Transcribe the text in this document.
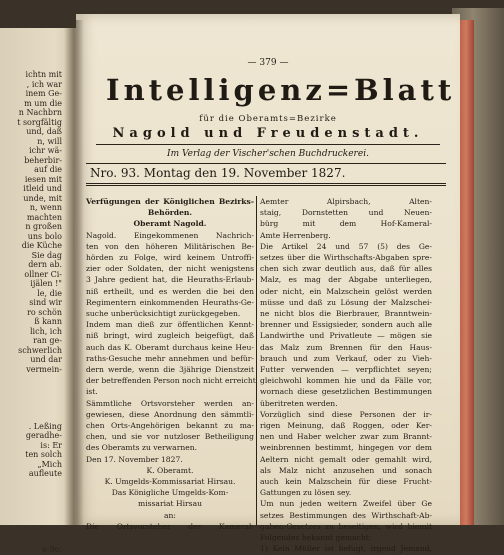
ichtn mit
, ich war
inem Ge-
m um die
n Nachbrn
t sorgfältig
und, daß
n, will
ichr wä-
beherbir-
auf die
iesen mit
itleid und
unde, mit
n, wenn
machten
n großen
uns bolo
die Küche
Sie dag
dern ab.
ollner Ci-
ijälen !"
le, die
sind wir
ro schön
ß kann
lich, ich
ran ge-
schwerlich
und dar
vermein-
. Leßing
geradhe-
is: Er
ten solch
„Mich
aufleute
e 9o.
— 379 —
Intelligenz=Blatt
für die Oberamts=Bezirke
Nagold und Freudenstadt.
Im Verlag der Vischer'schen Buchdruckerei.
Nro. 93. Montag den 19. November 1827.
Verfügungen der Königlichen Bezirks-
Behörden.
Oberamt Nagold.
Nagold. Eingekommenen Nachrich-
ten von den höheren Militärischen Be-
hörden zu Folge, wird keinem Untroffi-
zier oder Soldaten, der nicht wenigstens
3 Jahre gedient hat, die Heuraths-Erlaub-
niß ertheilt, und es werden die bei den
Regimentern einkommenden Heuraths-Ge-
suche unberücksichtigt zurückgegeben.
Indem man dieß zur öffentlichen Kennt-
niß bringt, wird zugleich beigefügt, daß
auch das K. Oberamt durchaus keine Heu-
raths-Gesuche mehr annehmen und befür-
dern werde, wenn die 3jährige Dienstzeit
der betreffenden Person noch nicht erreicht
ist.
Sämmtliche Ortsvorsteher werden an-
gewiesen, diese Anordnung den sämmtli-
chen Orts-Angehörigen bekannt zu ma-
chen, und sie vor nutzloser Betheiligung
des Oberamts zu verwarnen.
Den 17. November 1827.
K. Oberamt.
K. Umgelds-Kommissariat Hirsau.
Das Königliche Umgelds-Kom-
missariat Hirsau
an:
Die Ortsvorsteher der Kameral-
Aemter Alpirsbach, Alten-
staig, Dornstetten und Neuen-
bürg mit dem Hof-Kameral-
Amte Herrenberg.
Die Artikel 24 und 57 (5) des Ge-
setzes über die Wirthschafts-Abgaben spre-
chen sich zwar deutlich aus, daß für alles
Malz, es mag der Abgabe unterliegen,
oder nicht, ein Malzschein gelöst werden
müsse und daß zu Lösung der Malzschei-
ne nicht blos die Bierbrauer, Branntwein-
brenner und Essigsieder, sondern auch alle
Landwirthe und Privatleute — mögen sie
das Malz zum Brennen für den Haus-
brauch und zum Verkauf, oder zu Vieh-
Futter verwenden — verpflichtet seyen;
gleichwohl kommen hie und da Fälle vor,
wornach diese gesetzlichen Bestimmungen
überitreten werden.
Vorzüglich sind diese Personen der ir-
rigen Meinung, daß Roggen, oder Ker-
nen und Haber welcher zwar zum Brannt-
weinbrennen bestimmt, hingegen vor dem
Aeltern nicht gemalt oder gemahlt wird,
als Malz nicht anzusehen und sonach
auch kein Malzschein für diese Frucht-
Gattungen zu lösen sey.
Um nun jeden weitern Zweifel über Ge
setzes Bestimmungen des Wirthschaft-Ab-
gaben-Gesetzes zu beseitigen, wird hiemit
Folgendes bekannt gemacht:
1) Kein Müller ist befugt, irgend Jemand,
